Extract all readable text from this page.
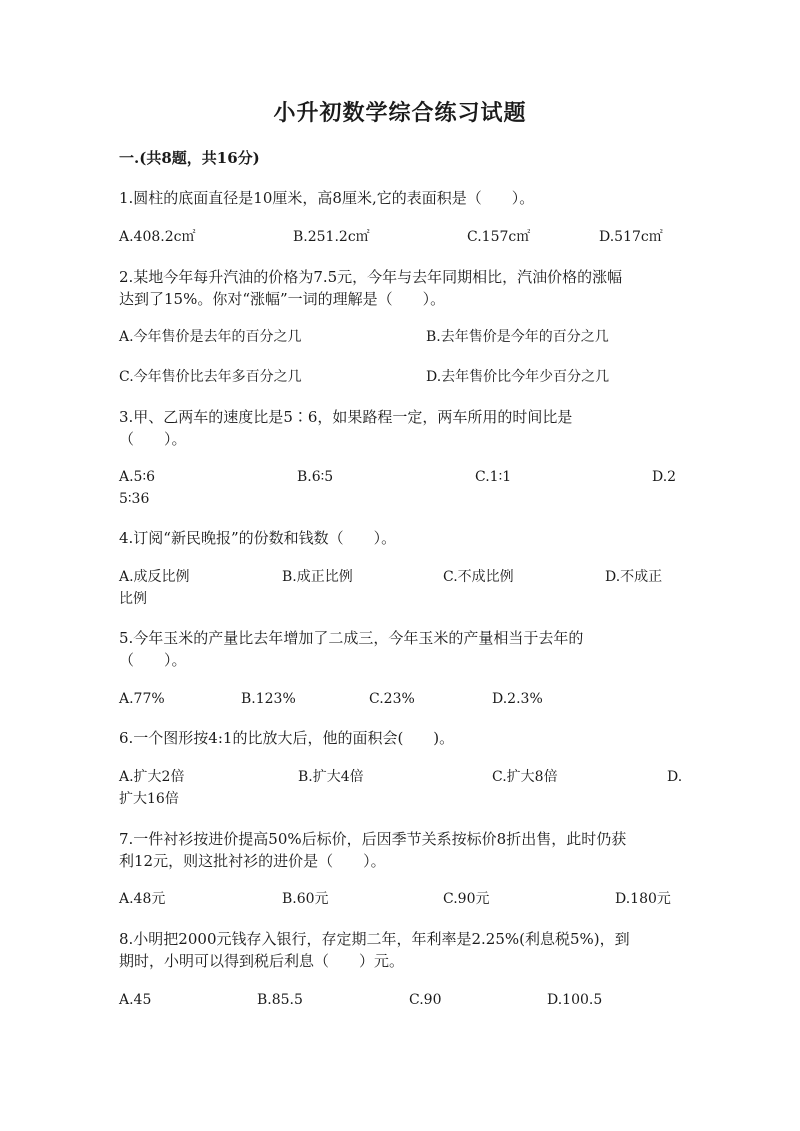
小升初数学综合练习试题
一.(共8题，共16分)
1.圆柱的底面直径是10厘米，高8厘米,它的表面积是（　　）。
A.408.2c㎡	B.251.2c㎡	C.157c㎡	D.517c㎡
2.某地今年每升汽油的价格为7.5元，今年与去年同期相比，汽油价格的涨幅
达到了15%。你对“涨幅”一词的理解是（　　）。
A.今年售价是去年的百分之几	B.去年售价是今年的百分之几
C.今年售价比去年多百分之几	D.去年售价比今年少百分之几
3.甲、乙两车的速度比是5∶6，如果路程一定，两车所用的时间比是
（　　）。
A.5∶6	B.6∶5	C.1∶1	D.2
5∶36
4.订阅“新民晚报”的份数和钱数（　　）。
A.成反比例	B.成正比例	C.不成比例	D.不成正
比例
5.今年玉米的产量比去年增加了二成三，今年玉米的产量相当于去年的
（　　）。
A.77%	B.123%	C.23%	D.2.3%
6.一个图形按4:1的比放大后，他的面积会(　　)。
A.扩大2倍	B.扩大4倍	C.扩大8倍	D.
扩大16倍
7.一件衬衫按进价提高50%后标价，后因季节关系按标价8折出售，此时仍获
利12元，则这批衬衫的进价是（　　）。
A.48元	B.60元	C.90元	D.180元
8.小明把2000元钱存入银行，存定期二年，年利率是2.25%(利息税5%)，到
期时，小明可以得到税后利息（　　）元。
A.45	B.85.5	C.90	D.100.5
